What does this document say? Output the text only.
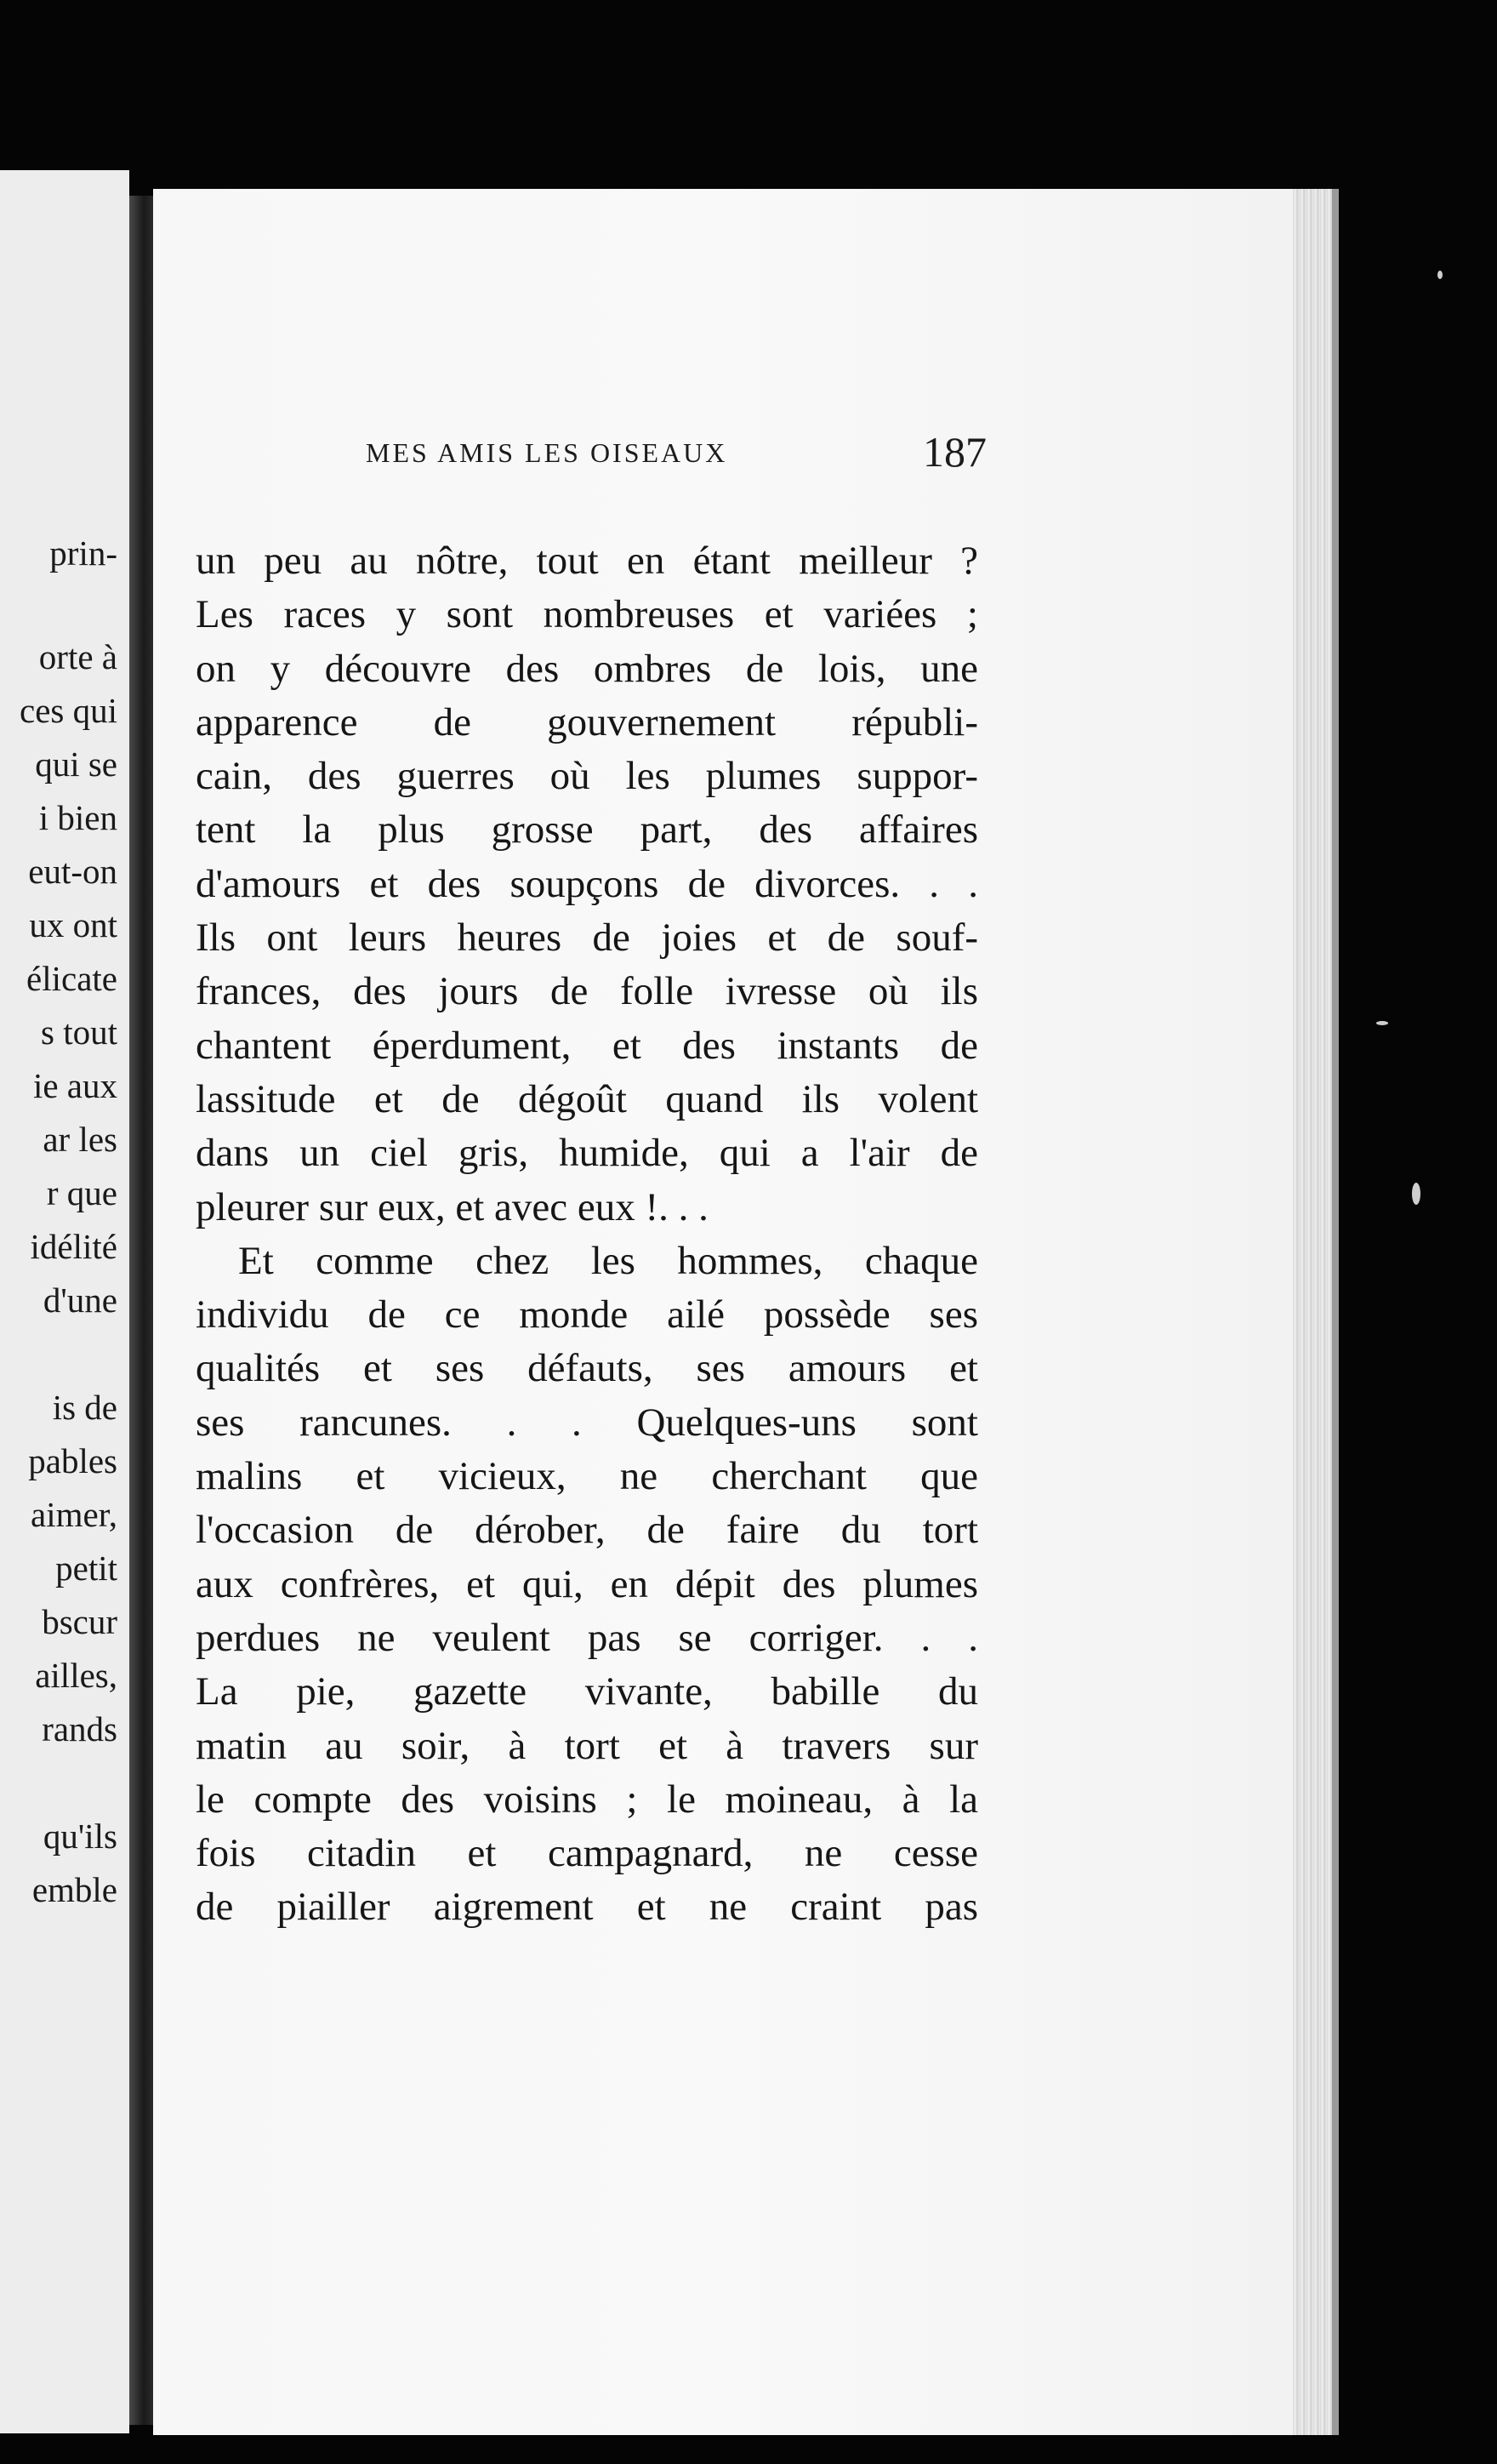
prin-
orte à
ces qui
qui se
i bien
eut-on
ux ont
élicate
s tout
ie aux
ar les
r que
idélité
d'une
is de
pables
aimer,
petit
bscur
ailles,
rands
qu'ils
emble
MES AMIS LES OISEAUX	187
un peu au nôtre, tout en étant meilleur ?
Les races y sont nombreuses et variées ;
on y découvre des ombres de lois, une
apparence de gouvernement républi-
cain, des guerres où les plumes suppor-
tent la plus grosse part, des affaires
d'amours et des soupçons de divorces. . .
Ils ont leurs heures de joies et de souf-
frances, des jours de folle ivresse où ils
chantent éperdument, et des instants de
lassitude et de dégoût quand ils volent
dans un ciel gris, humide, qui a l'air de
pleurer sur eux, et avec eux !. . .
Et comme chez les hommes, chaque
individu de ce monde ailé possède ses
qualités et ses défauts, ses amours et
ses rancunes. . . Quelques-uns sont
malins et vicieux, ne cherchant que
l'occasion de dérober, de faire du tort
aux confrères, et qui, en dépit des plumes
perdues ne veulent pas se corriger. . .
La pie, gazette vivante, babille du
matin au soir, à tort et à travers sur
le compte des voisins ; le moineau, à la
fois citadin et campagnard, ne cesse
de piailler aigrement et ne craint pas
